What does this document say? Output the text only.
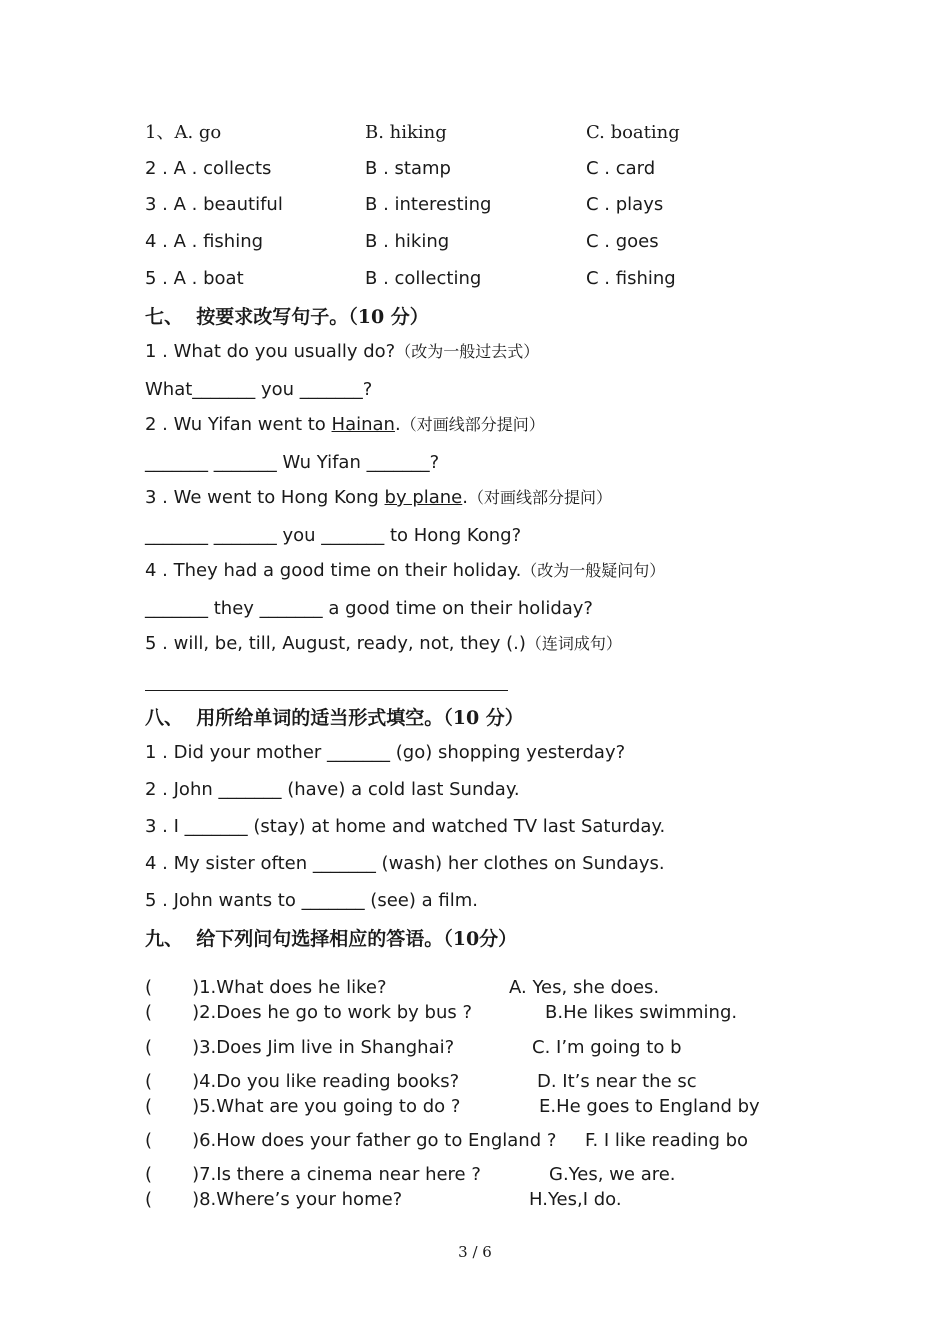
1、A. go	B. hiking	C. boating
2 . A . collects	B . stamp	C . card
3 . A . beautiful	B . interesting	C . plays
4 . A . fishing	B . hiking	C . goes
5 . A . boat	B . collecting	C . fishing
七、  按要求改写句子。（10 分）
1 . What do you usually do?（改为一般过去式）
What_______ you _______?
2 . Wu Yifan went to Hainan.（对画线部分提问）
_______ _______ Wu Yifan _______?
3 . We went to Hong Kong by plane.（对画线部分提问）
_______ _______ you _______ to Hong Kong?
4 . They had a good time on their holiday.（改为一般疑问句）
_______ they _______ a good time on their holiday?
5 . will, be, till, August, ready, not, they (.)（连词成句）
八、  用所给单词的适当形式填空。（10 分）
1 . Did your mother _______ (go) shopping yesterday?
2 . John _______ (have) a cold last Sunday.
3 . I _______ (stay) at home and watched TV last Saturday.
4 . My sister often _______ (wash) her clothes on Sundays.
5 . John wants to _______ (see) a film.
九、  给下列问句选择相应的答语。（10分）
(       )1.What does he like?	A. Yes, she does.
(       )2.Does he go to work by bus ?	B.He likes swimming.
(       )3.Does Jim live in Shanghai?	C. I’m going to b
(       )4.Do you like reading books?	D. It’s near the sc
(       )5.What are you going to do ?	E.He goes to England by
(       )6.How does your father go to England ? F. I like reading bo
(       )7.Is there a cinema near here ?	G.Yes, we are.
(       )8.Where’s your home?	H.Yes,I do.
3 / 6
